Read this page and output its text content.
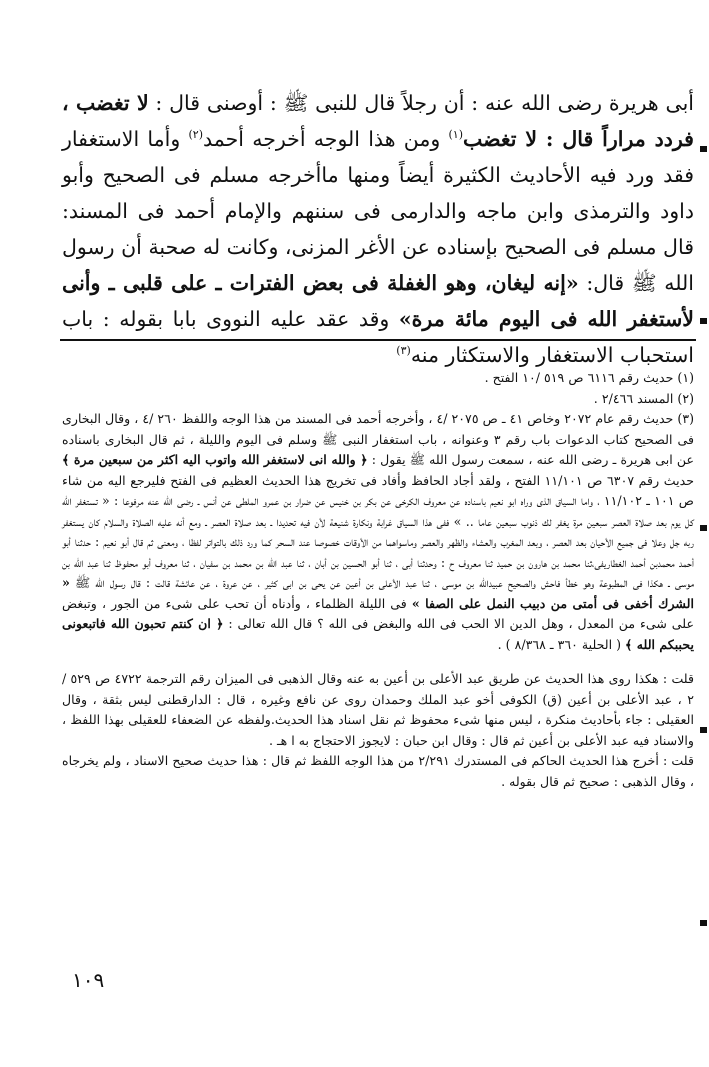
أبى هريرة رضى الله عنه : أن رجلاً قال للنبى ﷺ : أوصنى قال : لا تغضب ، فردد مراراً قال : لا تغضب$^{(١)}$ ومن هذا الوجه أخرجه أحمد$^{(٢)}$ وأما الاستغفار فقد ورد فيه الأحاديث الكثيرة أيضاً ومنها ماأخرجه مسلم فى الصحيح وأبو داود والترمذى وابن ماجه والدارمى فى سننهم والإمام أحمد فى المسند: قال مسلم فى الصحيح بإسناده عن الأغر المزنى، وكانت له صحبة أن رسول الله ﷺ قال: «إنه ليغان، وهو الغفلة فى بعض الفترات ـ على قلبى ـ وأنى لأستغفر الله فى اليوم مائة مرة» وقد عقد عليه النووى بابا بقوله : باب استحباب الاستغفار والاستكثار منه$^{(٣)}$

(١) حديث رقم ٦١١٦ ص ٥١٩ /١٠ الفتح .

(٢) المسند ٢/٤٦٦ .

(٣) حديث رقم عام ٢٠٧٢ وخاص ٤١ ـ ص ٢٠٧٥ /٤ ، وأخرجه أحمد فى المسند من هذا الوجه واللفظ ٢٦٠ /٤ ، وقال البخارى فى الصحيح كتاب الدعوات باب رقم ٣ وعنوانه ، باب استغفار النبى ﷺ وسلم فى اليوم والليلة ، ثم قال البخارى باسناده عن ابى هريرة ـ رضى الله عنه ، سمعت رسول الله ﷺ يقول : ﴿ والله انى لاستغفر الله واتوب اليه اكثر من سبعين مرة ﴾ حديث رقم ٦٣٠٧ ص ١١/١٠١ الفتح ، ولقد أجاد الحافظ وأفاد فى تخريج هذا الحديث العظيم فى الفتح فليرجع اليه من شاء ص ١٠١ ـ ١١/١٠٢ ، واما السياق الذى وراه ابو نعيم باسناده عن معروف الكرخى عن بكر بن خنيس عن ضرار بن عمرو الملطى عن أنس ـ رضى الله عنه مرفوعا : « تستغفر الله كل يوم بعد صلاة العصر سبعين مرة يغفر لك ذنوب سبعين عاما .. » ففى هذا السياق غرابة ونكارة شنيعة لأن فيه تحديدا ـ بعد صلاة العصر ـ ومع أنه عليه الصلاة والسلام كان يستغفر ربه جل وعلا فى جميع الأحيان بعد العصر ، وبعد المغرب والعشاء والظهر والعصر وماسواهما من الأوقات خصوصا عند السحر كما ورد ذلك بالتواتر لفظا ، ومعنى ثم قال أبو نعيم : حدثنا أبو أحمد محمدبن أحمد الغطاريفى،ثنا محمد بن هارون بن حميد ثنا معروف ح : وحدثنا أبى ، ثنا أبو الحسين بن أبان ، ثنا عبد الله بن محمد بن سفيان ، ثنا معروف أبو محفوظ ثنا عبد الله بن موسى ـ هكذا فى المطبوعة وهو خطأ فاحش والصحيح عبيدالله بن موسى ، ثنا عبد الأعلى بن أعين عن يحى بن ابى كثير ، عن عروة ، عن عائشة قالت : قال رسول الله ﷺ « الشرك أخفى فى أمتى من دبيب النمل على الصفا » فى الليلة الظلماء ، وأدناه أن تحب على شىء من الجور ، وتبغض على شىء من المعدل ، وهل الدين الا الحب فى الله والبغض فى الله ؟ قال الله تعالى : ﴿ ان كنتم تحبون الله فاتبعونى يحببكم الله ﴾ ( الحلية ٣٦٠ ـ ٨/٣٦٨ ) .

قلت : هكذا روى هذا الحديث عن طريق عبد الأعلى بن أعين به عنه وقال الذهبى فى الميزان رقم الترجمة ٤٧٢٢ ص ٥٢٩ /٢ ، عبد الأعلى بن أعين (ق) الكوفى أخو عبد الملك وحمدان روى عن نافع وغيره ، قال : الدارقطنى ليس بثقة ، وقال العقيلى : جاء بأحاديث منكرة ، ليس منها شىء محفوظ ثم نقل اسناد هذا الحديث.ولفظه عن الضعفاء للعقيلى بهذا اللفظ ، والاسناد فيه عبد الأعلى بن أعين ثم قال : وقال ابن حبان : لايجوز الاحتجاج به ا هـ .

قلت : أخرج هذا الحديث الحاكم فى المستدرك ٢/٢٩١ من هذا الوجه اللفظ ثم قال : هذا حديث صحيح الاسناد ، ولم يخرجاه ، وقال الذهبى : صحيح ثم قال بقوله .

١٠٩
